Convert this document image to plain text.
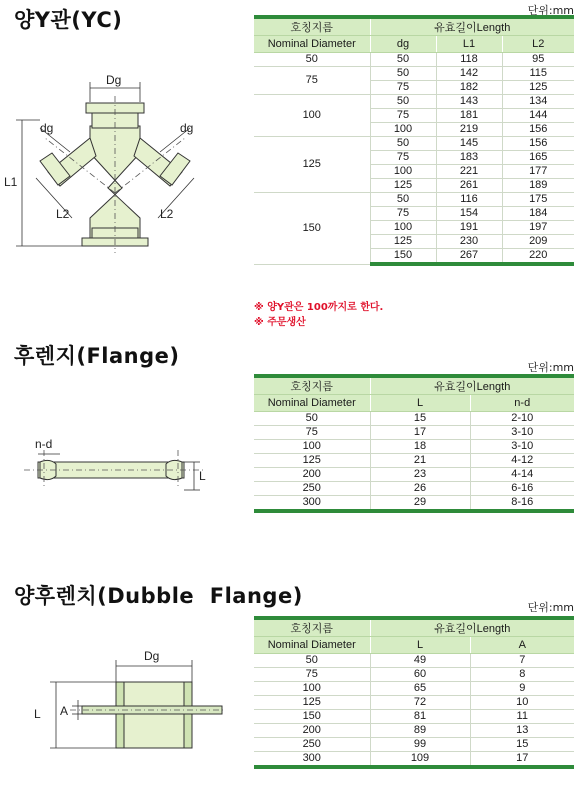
양Y관(YC)	단위:mm
Dg
dg	dg
L1
L2	L2
호칭지름	유효길이Length		
Nominal Diameter	dg	L1	L2
50	50	118	95
75	50	142	115
	75	182	125
100	50	143	134
	75	181	144
	100	219	156
125	50	145	156
	75	183	165
	100	221	177
	125	261	189
150	50	116	175
	75	154	184
	100	191	197
	125	230	209
	150	267	220
※ 양Y관은 100까지로 한다.
※ 주문생산
후렌지(Flange)	단위:mm
n-d
L
호칭지름	유효길이Length	
Nominal Diameter	L	n-d
50	15	2-10
75	17	3-10
100	18	3-10
125	21	4-12
200	23	4-14
250	26	6-16
300	29	8-16
양후렌치(Dubble  Flange)	단위:mm
Dg
L A
호칭지름	유효길이Length	
Nominal Diameter	L	A
50	49	7
75	60	8
100	65	9
125	72	10
150	81	11
200	89	13
250	99	15
300	109	17
